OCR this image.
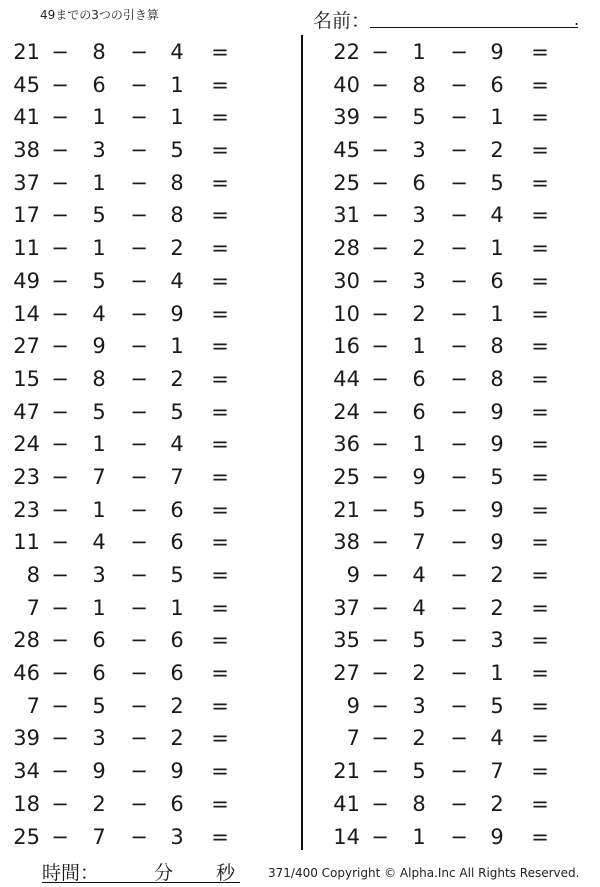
49までの3つの引き算	名前：	.
21 −	8	−	4	=
45 −	6	−	1	=
41 −	1	−	1	=
38 −	3	−	5	=
37 −	1	−	8	=
17 −	5	−	8	=
11 −	1	−	2	=
49 −	5	−	4	=
14 −	4	−	9	=
27 −	9	−	1	=
15 −	8	−	2	=
47 −	5	−	5	=
24 −	1	−	4	=
23 −	7	−	7	=
23 −	1	−	6	=
11 −	4	−	6	=
8 −	3	−	5	=
7 −	1	−	1	=
28 −	6	−	6	=
46 −	6	−	6	=
7 −	5	−	2	=
39 −	3	−	2	=
34 −	9	−	9	=
18 −	2	−	6	=
25 −	7	−	3	=
22 −	1	−	9	=
40 −	8	−	6	=
39 −	5	−	1	=
45 −	3	−	2	=
25 −	6	−	5	=
31 −	3	−	4	=
28 −	2	−	1	=
30 −	3	−	6	=
10 −	2	−	1	=
16 −	1	−	8	=
44 −	6	−	8	=
24 −	6	−	9	=
36 −	1	−	9	=
25 −	9	−	5	=
21 −	5	−	9	=
38 −	7	−	9	=
9 −	4	−	2	=
37 −	4	−	2	=
35 −	5	−	3	=
27 −	2	−	1	=
9 −	3	−	5	=
7 −	2	−	4	=
21 −	5	−	7	=
41 −	8	−	2	=
14 −	1	−	9	=
時間：	分 秒	371/400 Copyright © Alpha.Inc All Rights Reserved.
